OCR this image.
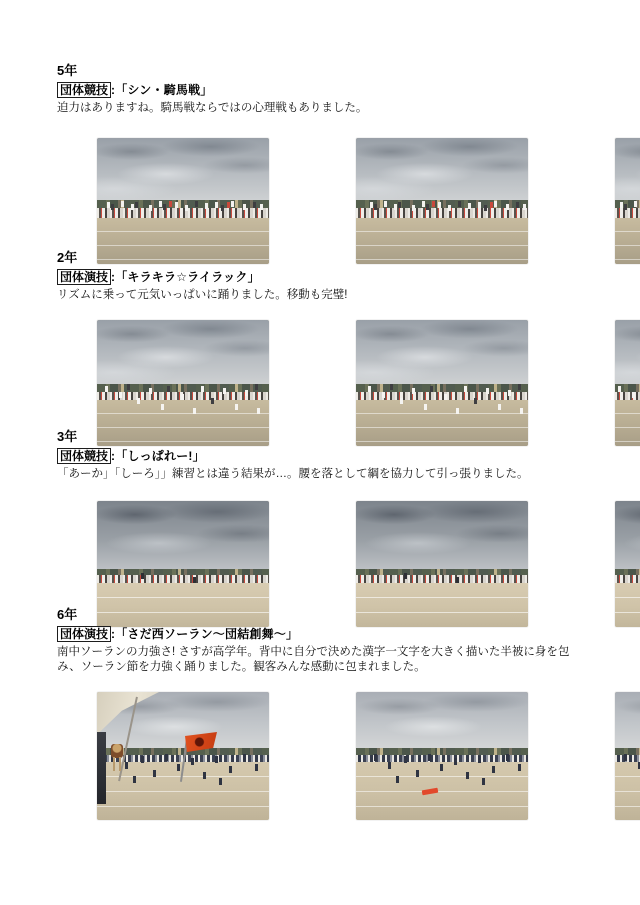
5年

団体競技 :「シン・騎馬戦」

迫力はありますね。騎馬戦ならではの心理戦もありました。

2年

団体演技 :「キラキラ☆ライラック」

リズムに乗って元気いっぱいに踊りました。移動も完璧!

3年

団体競技 :「しっぱれー!」

「あーか」「しーろ」」練習とは違う結果が…。腰を落として綱を協力して引っ張りました。

6年

団体演技 :「さだ西ソーラン〜団結創舞〜」

南中ソーランの力強さ! さすが高学年。背中に自分で決めた漢字一文字を大きく描いた半被に身を包み、ソーラン節を力強く踊りました。観客みんな感動に包まれました。
